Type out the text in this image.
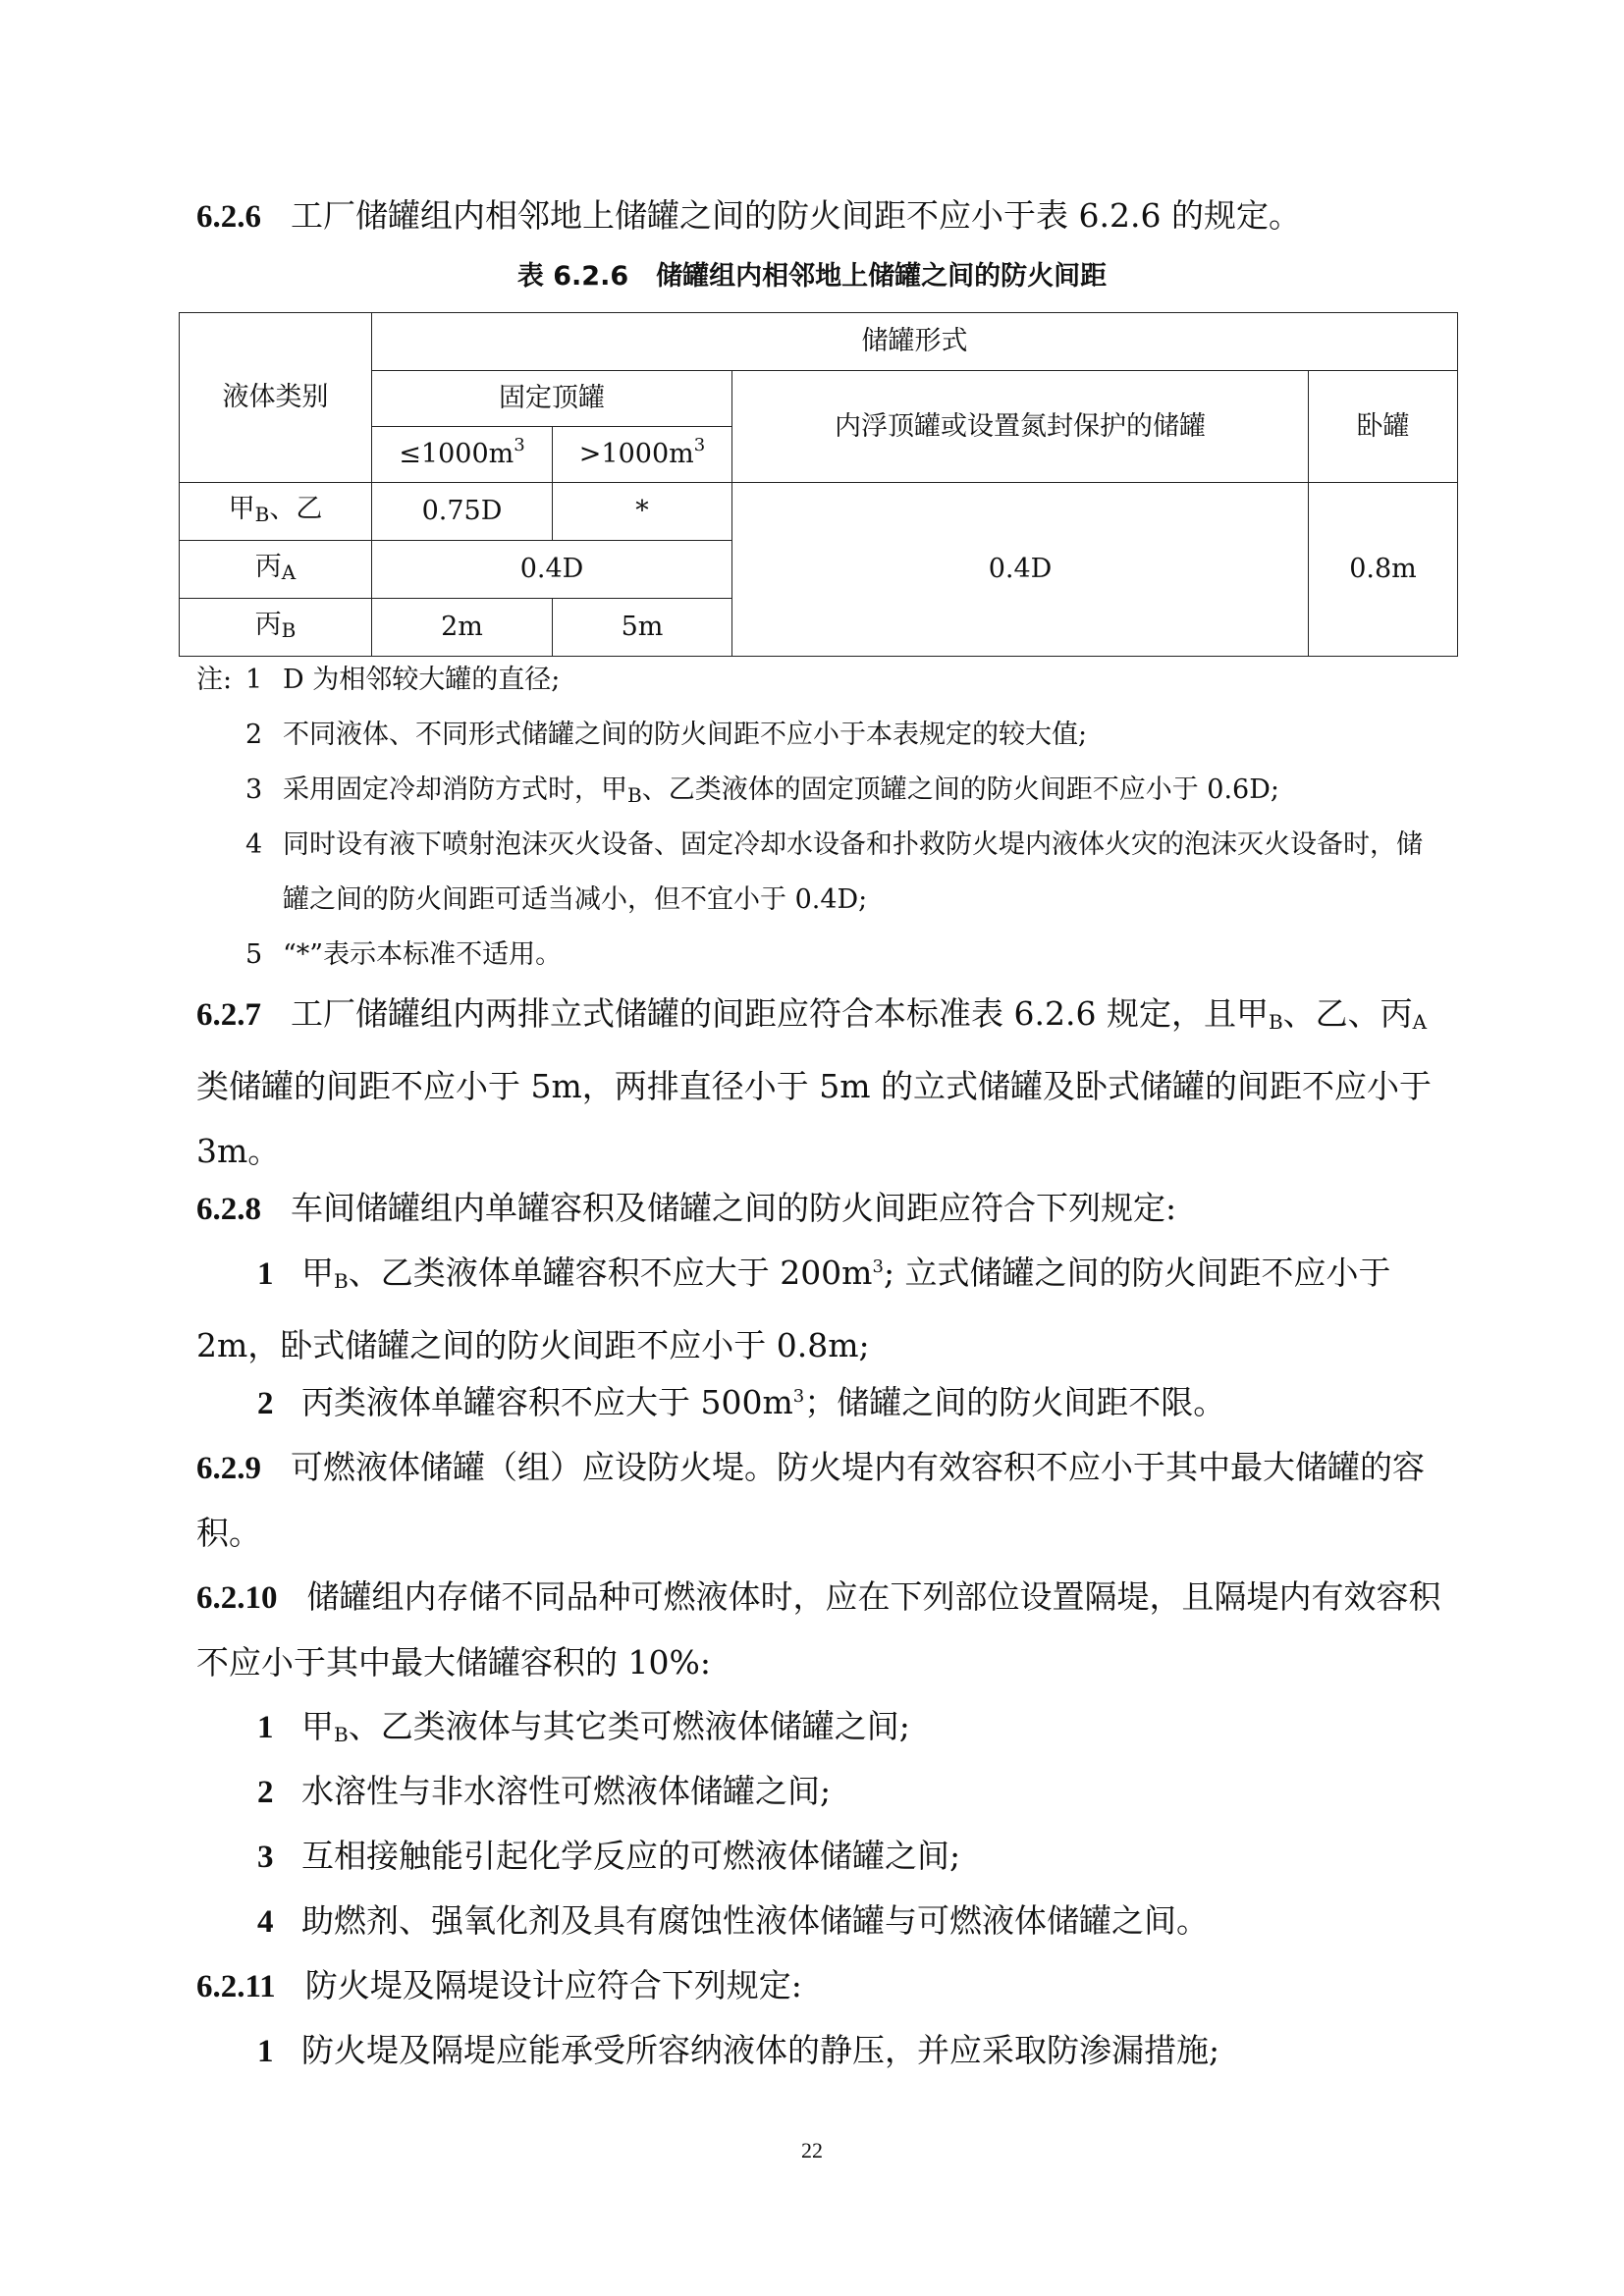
6.2.6 工厂储罐组内相邻地上储罐之间的防火间距不应小于表 6.2.6 的规定。

表 6.2.6 储罐组内相邻地上储罐之间的防火间距

液体类别	储罐形式			
	固定顶罐		内浮顶罐或设置氮封保护的储罐	卧罐
	$\le 1000m^3$	$>1000m^3$
甲$_B$、乙	0.75D	*	0.4D	0.8m
丙$_A$	0.4D			
丙$_B$	2m	5m		
注: 1 D 为相邻较大罐的直径;
2 不同液体、不同形式储罐之间的防火间距不应小于本表规定的较大值;
3 采用固定冷却消防方式时，甲$_B$、乙类液体的固定顶罐之间的防火间距不应小于 0.6D;
4 同时设有液下喷射泡沫灭火设备、固定冷却水设备和扑救防火堤内液体火灾的泡沫灭火设备时，储罐之间的防火间距可适当减小，但不宜小于 0.4D;
5 “*”表示本标准不适用。

6.2.7 工厂储罐组内两排立式储罐的间距应符合本标准表 6.2.6 规定，且甲$_B$、乙、丙$_A$类储罐的间距不应小于 5m，两排直径小于 5m 的立式储罐及卧式储罐的间距不应小于 3m。

6.2.8 车间储罐组内单罐容积及储罐之间的防火间距应符合下列规定:

1 甲$_B$、乙类液体单罐容积不应大于 $200m^3$; 立式储罐之间的防火间距不应小于 2m，卧式储罐之间的防火间距不应小于 0.8m;

2 丙类液体单罐容积不应大于 $500m^3$；储罐之间的防火间距不限。

6.2.9 可燃液体储罐（组）应设防火堤。防火堤内有效容积不应小于其中最大储罐的容积。

6.2.10 储罐组内存储不同品种可燃液体时，应在下列部位设置隔堤，且隔堤内有效容积不应小于其中最大储罐容积的 10%:

1 甲$_B$、乙类液体与其它类可燃液体储罐之间;

2 水溶性与非水溶性可燃液体储罐之间;

3 互相接触能引起化学反应的可燃液体储罐之间;

4 助燃剂、强氧化剂及具有腐蚀性液体储罐与可燃液体储罐之间。

6.2.11 防火堤及隔堤设计应符合下列规定:

1 防火堤及隔堤应能承受所容纳液体的静压，并应采取防渗漏措施;

22
